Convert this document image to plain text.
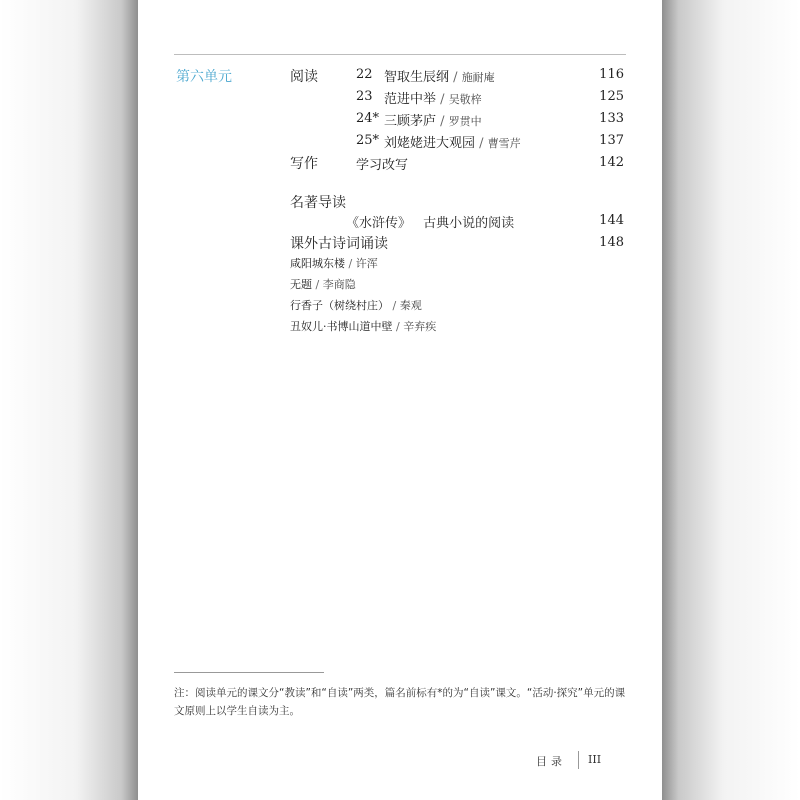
第六单元	阅读	22 智取生辰纲 / 施耐庵	116
23 范进中举 / 吴敬梓	125
24* 三顾茅庐 / 罗贯中	133
25* 刘姥姥进大观园 / 曹雪芹	137
写作	学习改写	142
名著导读
《水浒传》 古典小说的阅读	144
课外古诗词诵读	148
咸阳城东楼 / 许浑
无题 / 李商隐
行香子（树绕村庄） / 秦观
丑奴儿·书博山道中壁 / 辛弃疾
注：阅读单元的课文分“教读”和“自读”两类，篇名前标有*的为“自读”课文。“活动·探究”单元的课文原则上以学生自读为主。
目录 III
